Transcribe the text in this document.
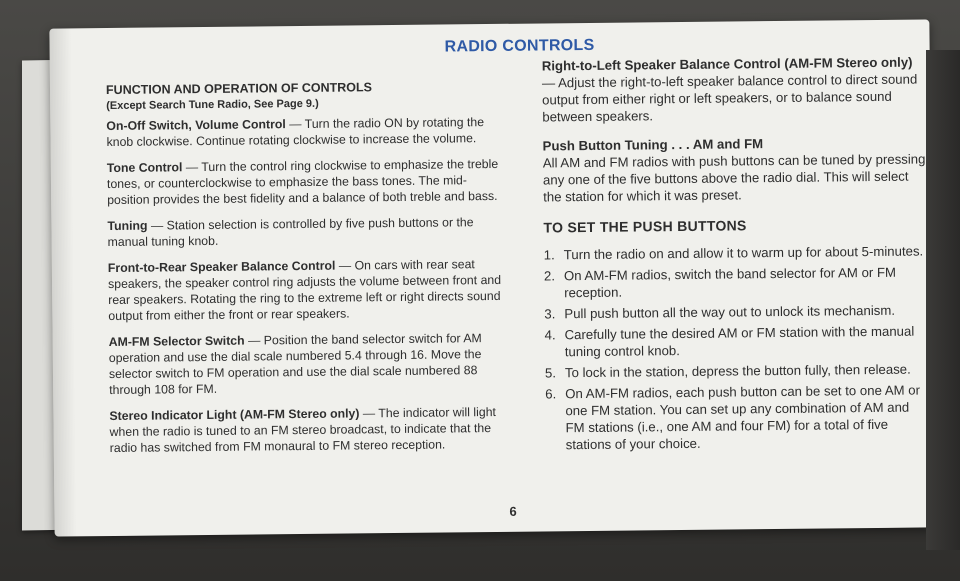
RADIO CONTROLS

FUNCTION AND OPERATION OF CONTROLS

(Except Search Tune Radio, See Page 9.)

On-Off Switch, Volume Control — Turn the radio ON by rotating the knob clockwise. Continue rotating clockwise to increase the volume.

Tone Control — Turn the control ring clockwise to emphasize the treble tones, or counterclockwise to emphasize the bass tones. The mid-position provides the best fidelity and a balance of both treble and bass.

Tuning — Station selection is controlled by five push buttons or the manual tuning knob.

Front-to-Rear Speaker Balance Control — On cars with rear seat speakers, the speaker control ring adjusts the volume between front and rear speakers. Rotating the ring to the extreme left or right directs sound output from either the front or rear speakers.

AM-FM Selector Switch — Position the band selector switch for AM operation and use the dial scale numbered 5.4 through 16. Move the selector switch to FM operation and use the dial scale numbered 88 through 108 for FM.

Stereo Indicator Light (AM-FM Stereo only) — The indicator will light when the radio is tuned to an FM stereo broadcast, to indicate that the radio has switched from FM monaural to FM stereo reception.

Right-to-Left Speaker Balance Control (AM-FM Stereo only) — Adjust the right-to-left speaker balance control to direct sound output from either right or left speakers, or to balance sound between speakers.

Push Button Tuning . . . AM and FM
All AM and FM radios with push buttons can be tuned by pressing any one of the five buttons above the radio dial. This will select the station for which it was preset.

TO SET THE PUSH BUTTONS

1. Turn the radio on and allow it to warm up for about 5-minutes.
2. On AM-FM radios, switch the band selector for AM or FM reception.
3. Pull push button all the way out to unlock its mechanism.
4. Carefully tune the desired AM or FM station with the manual tuning control knob.
5. To lock in the station, depress the button fully, then release.
6. On AM-FM radios, each push button can be set to one AM or one FM station. You can set up any combination of AM and FM stations (i.e., one AM and four FM) for a total of five stations of your choice.
6
